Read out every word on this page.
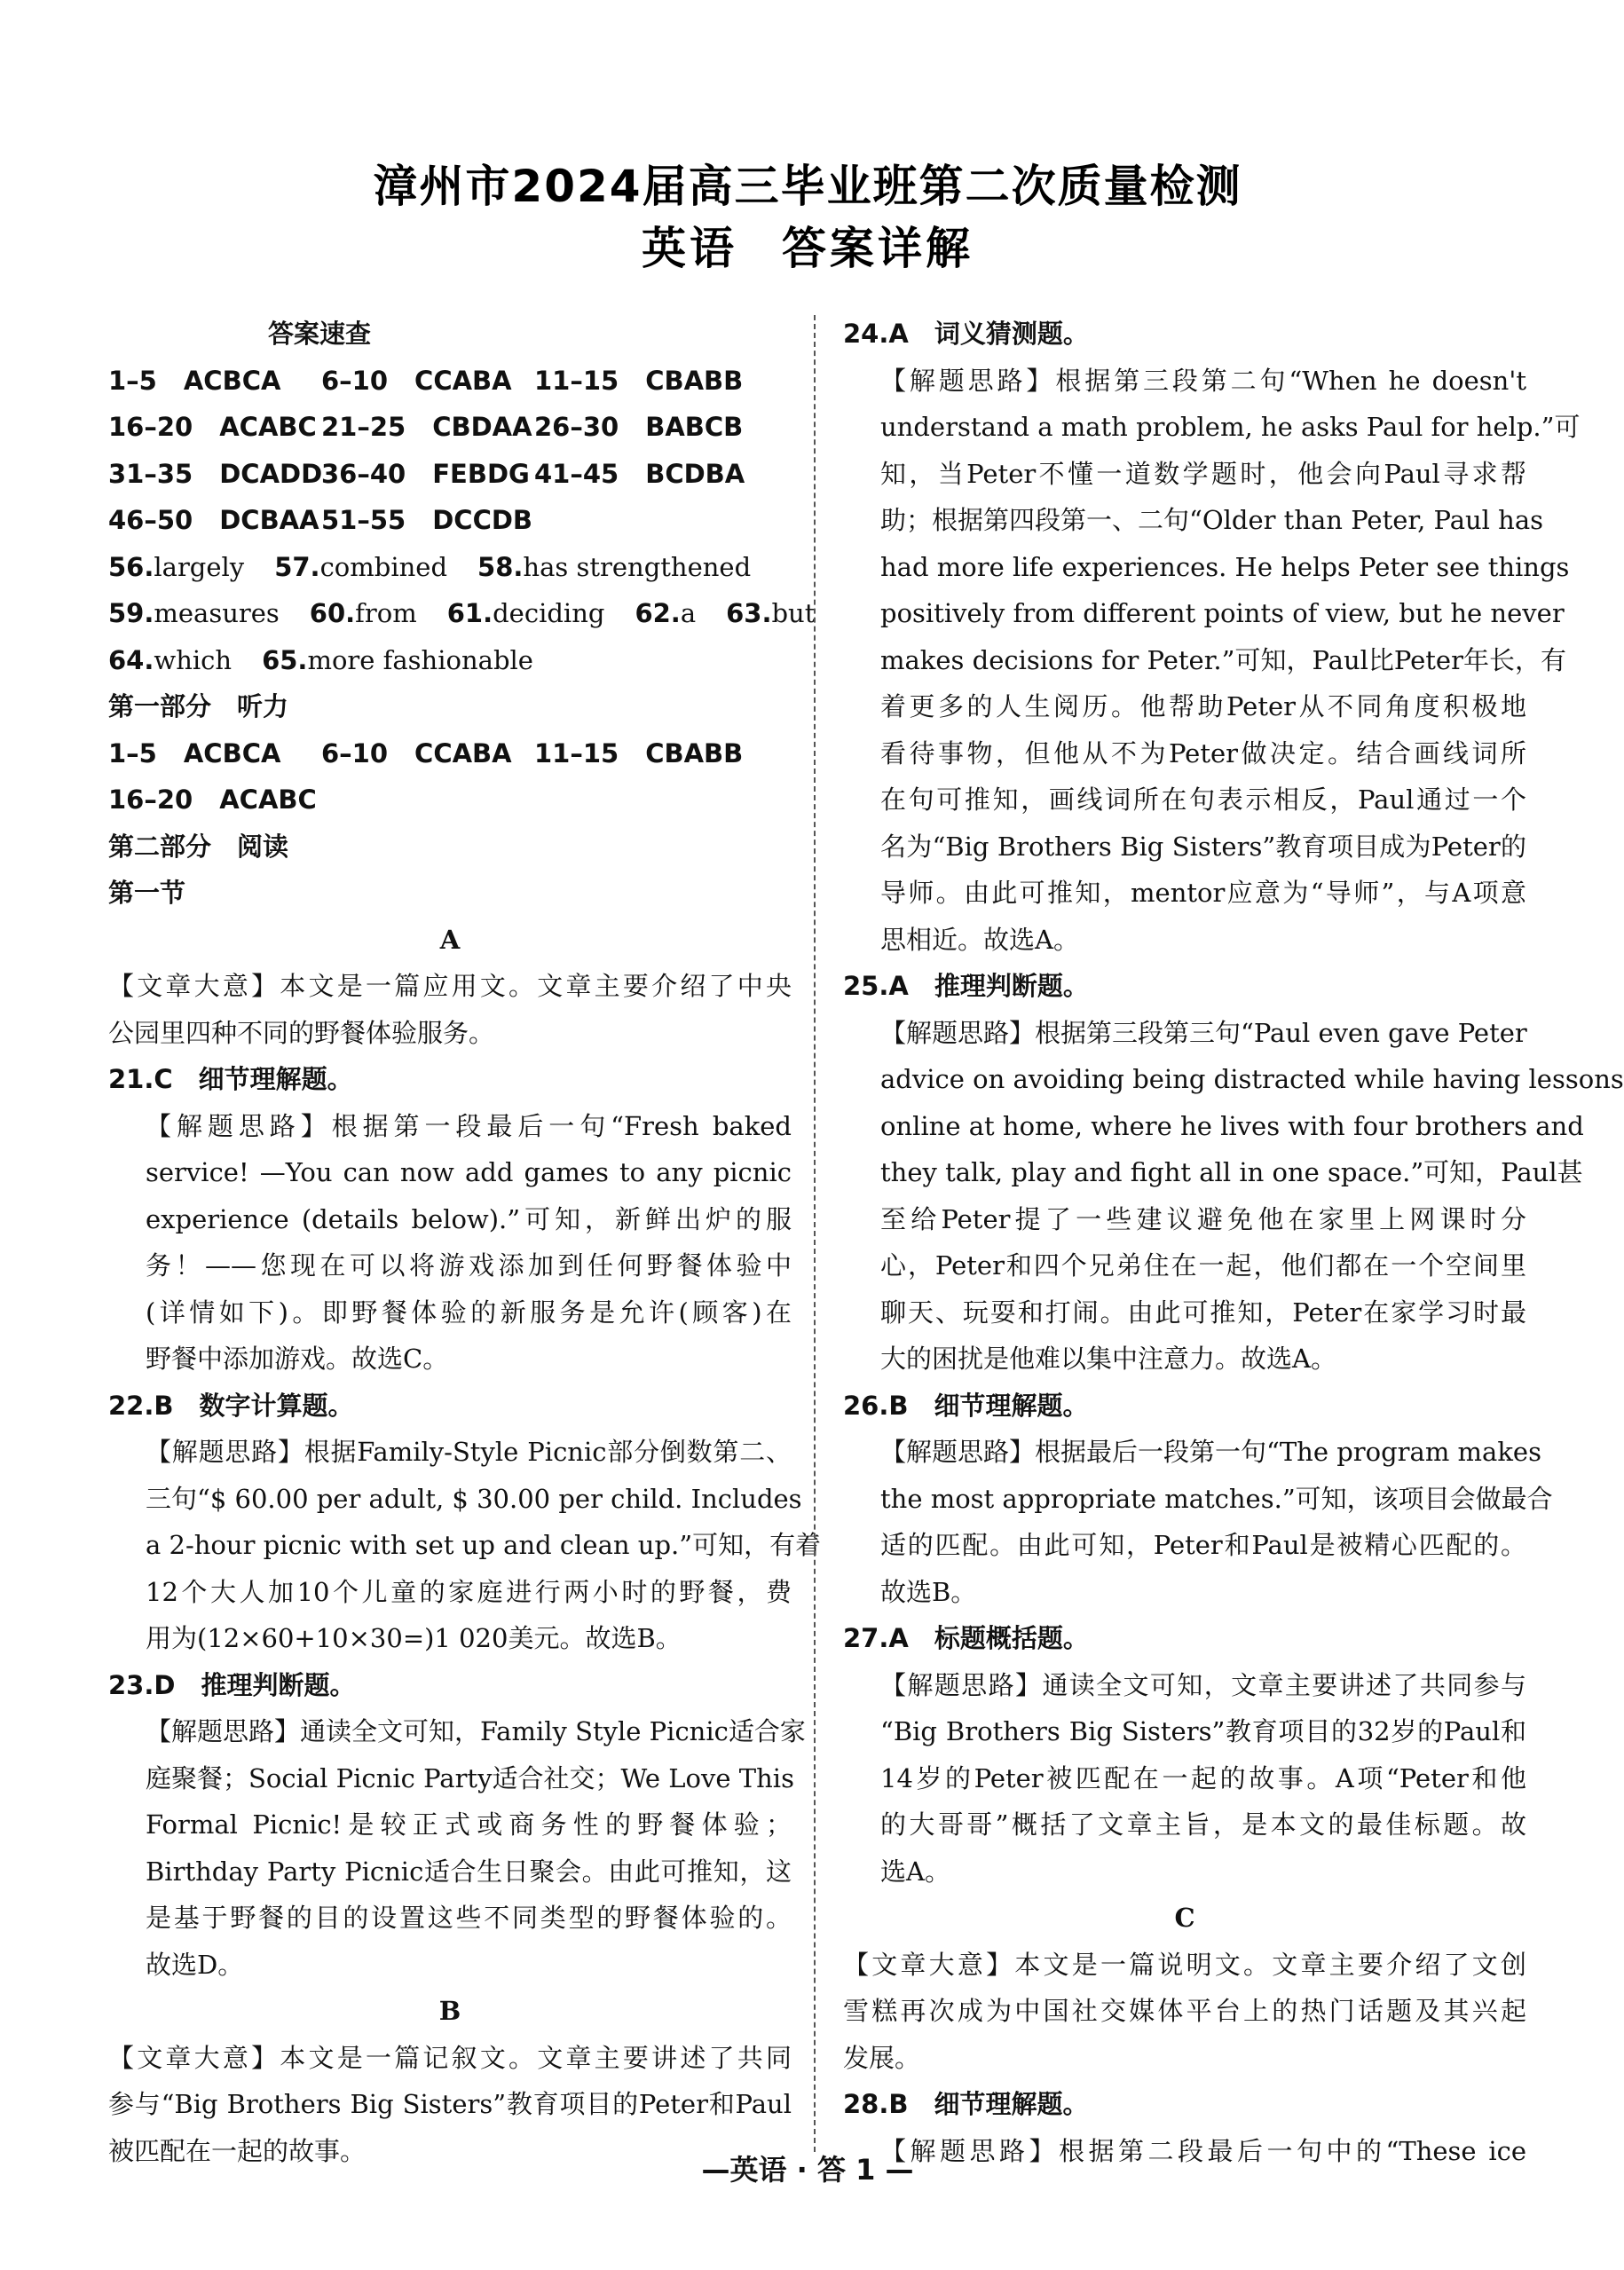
漳州市2024届高三毕业班第二次质量检测
英语 答案详解
答案速查
1–5 ACBCA	6–10 CCABA 11–15 CBABB
16–20 ACABC 21–25 CBDAA 26–30 BABCB
31–35 DCADD
36–40 FEBDG 41–45 BCDBA
46–50 DCBAA 51–55 DCCDB
56.largely 57.combined 58.has strengthened
59.measures 60.from 61.deciding 62.a 63.but
64.which 65.more fashionable
第一部分　听力
1–5 ACBCA	6–10 CCABA 11–15 CBABB
16–20 ACABC
第二部分　阅读
第一节
A
【文章大意】本文是一篇应用文。文章主要介绍了中央
公园里四种不同的野餐体验服务。
21.C　细节理解题。
【解题思路】根据第一段最后一句“Fresh baked
service! —You can now add games to any picnic
experience (details below).”可知，新鲜出炉的服
务！——您现在可以将游戏添加到任何野餐体验中
(详情如下)。即野餐体验的新服务是允许(顾客)在
野餐中添加游戏。故选C。
22.B　数字计算题。
【解题思路】根据Family-Style Picnic部分倒数第二、
三句“$ 60.00 per adult, $ 30.00 per child. Includes
a 2-hour picnic with set up and clean up.”可知，有着
12个大人加10个儿童的家庭进行两小时的野餐，费
用为(12×60+10×30=)1 020美元。故选B。
23.D　推理判断题。
【解题思路】通读全文可知，Family Style Picnic适合家
庭聚餐；Social Picnic Party适合社交；We Love This
Formal Picnic!是较正式或商务性的野餐体验；
Birthday Party Picnic适合生日聚会。由此可推知，这
是基于野餐的目的设置这些不同类型的野餐体验的。
故选D。
B
【文章大意】本文是一篇记叙文。文章主要讲述了共同
参与“Big Brothers Big Sisters”教育项目的Peter和Paul
被匹配在一起的故事。
24.A　词义猜测题。
【解题思路】根据第三段第二句“When he doesn't
understand a math problem, he asks Paul for help.”可
知，当Peter不懂一道数学题时，他会向Paul寻求帮
助；根据第四段第一、二句“Older than Peter, Paul has
had more life experiences. He helps Peter see things
positively from different points of view, but he never
makes decisions for Peter.”可知，Paul比Peter年长，有
着更多的人生阅历。他帮助Peter从不同角度积极地
看待事物，但他从不为Peter做决定。结合画线词所
在句可推知，画线词所在句表示相反，Paul通过一个
名为“Big Brothers Big Sisters”教育项目成为Peter的
导师。由此可推知，mentor应意为“导师”，与A项意
思相近。故选A。
25.A　推理判断题。
【解题思路】根据第三段第三句“Paul even gave Peter
advice on avoiding being distracted while having lessons
online at home, where he lives with four brothers and
they talk, play and fight all in one space.”可知，Paul甚
至给Peter提了一些建议避免他在家里上网课时分
心，Peter和四个兄弟住在一起，他们都在一个空间里
聊天、玩耍和打闹。由此可推知，Peter在家学习时最
大的困扰是他难以集中注意力。故选A。
26.B　细节理解题。
【解题思路】根据最后一段第一句“The program makes
the most appropriate matches.”可知，该项目会做最合
适的匹配。由此可知，Peter和Paul是被精心匹配的。
故选B。
27.A　标题概括题。
【解题思路】通读全文可知，文章主要讲述了共同参与
“Big Brothers Big Sisters”教育项目的32岁的Paul和
14岁的Peter被匹配在一起的故事。A项“Peter和他
的大哥哥”概括了文章主旨，是本文的最佳标题。故
选A。
C
【文章大意】本文是一篇说明文。文章主要介绍了文创
雪糕再次成为中国社交媒体平台上的热门话题及其兴起
发展。
28.B　细节理解题。
【解题思路】根据第二段最后一句中的“These ice
—英语 · 答 1 —
